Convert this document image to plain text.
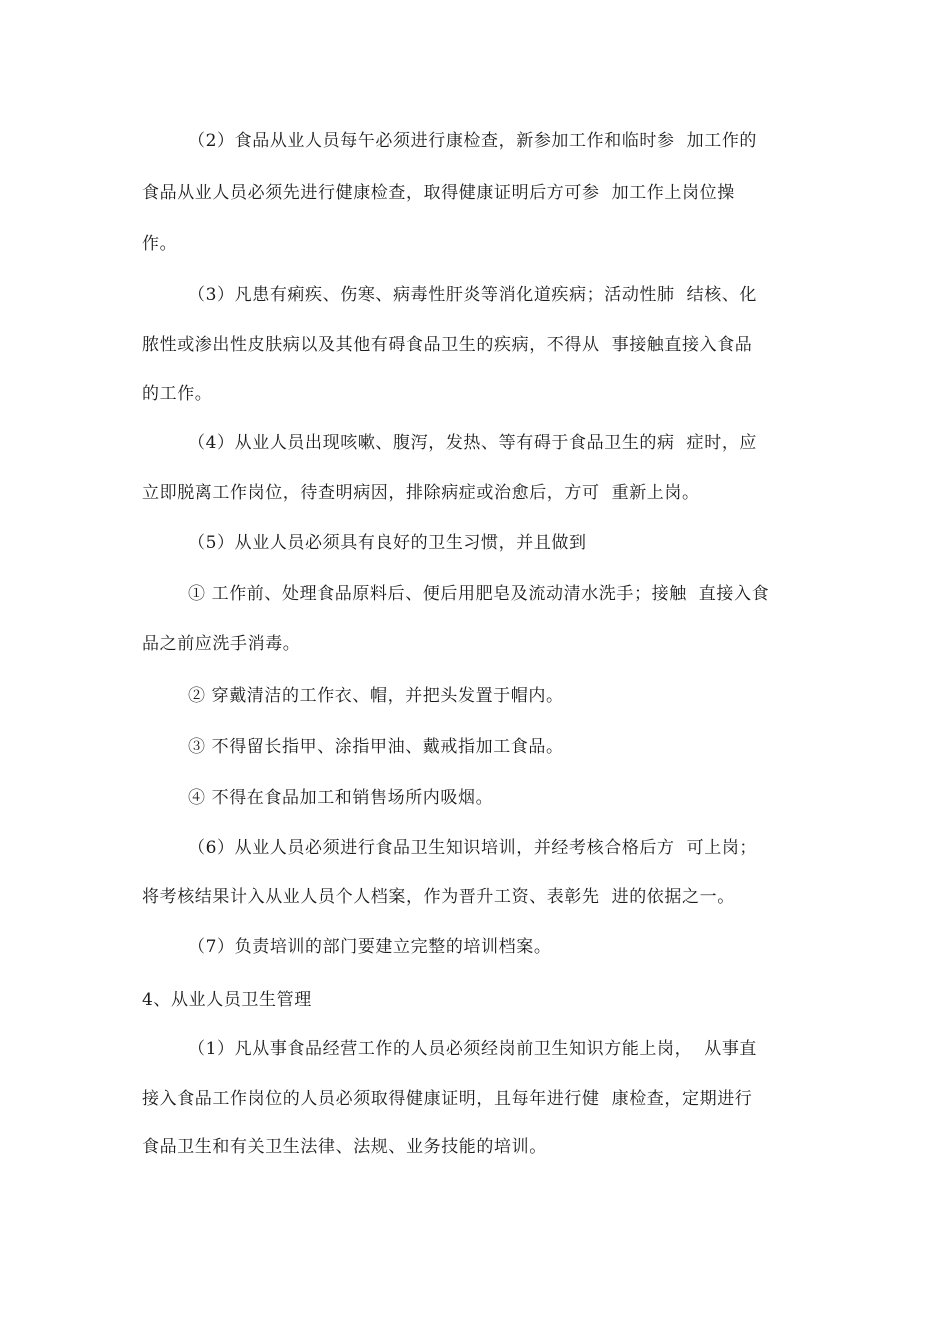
（2）食品从业人员每午必须进行康检查，新参加工作和临时参  加工作的
食品从业人员必须先进行健康检查，取得健康证明后方可参  加工作上岗位操
作。
（3）凡患有痢疾、伤寒、病毒性肝炎等消化道疾病；活动性肺  结核、化
脓性或渗出性皮肤病以及其他有碍食品卫生的疾病，不得从  事接触直接入食品
的工作。
（4）从业人员出现咳嗽、腹泻，发热、等有碍于食品卫生的病  症时，应
立即脱离工作岗位，待查明病因，排除病症或治愈后，方可  重新上岗。
（5）从业人员必须具有良好的卫生习惯，并且做到
① 工作前、处理食品原料后、便后用肥皂及流动清水洗手；接触  直接入食
品之前应洗手消毒。
② 穿戴清洁的工作衣、帽，并把头发置于帽内。
③ 不得留长指甲、涂指甲油、戴戒指加工食品。
④ 不得在食品加工和销售场所内吸烟。
（6）从业人员必须进行食品卫生知识培训，并经考核合格后方  可上岗；
将考核结果计入从业人员个人档案，作为晋升工资、表彰先  进的依据之一。
（7）负责培训的部门要建立完整的培训档案。
4、从业人员卫生管理
（1）凡从事食品经营工作的人员必须经岗前卫生知识方能上岗，  从事直
接入食品工作岗位的人员必须取得健康证明，且每年进行健  康检查，定期进行
食品卫生和有关卫生法律、法规、业务技能的培训。
